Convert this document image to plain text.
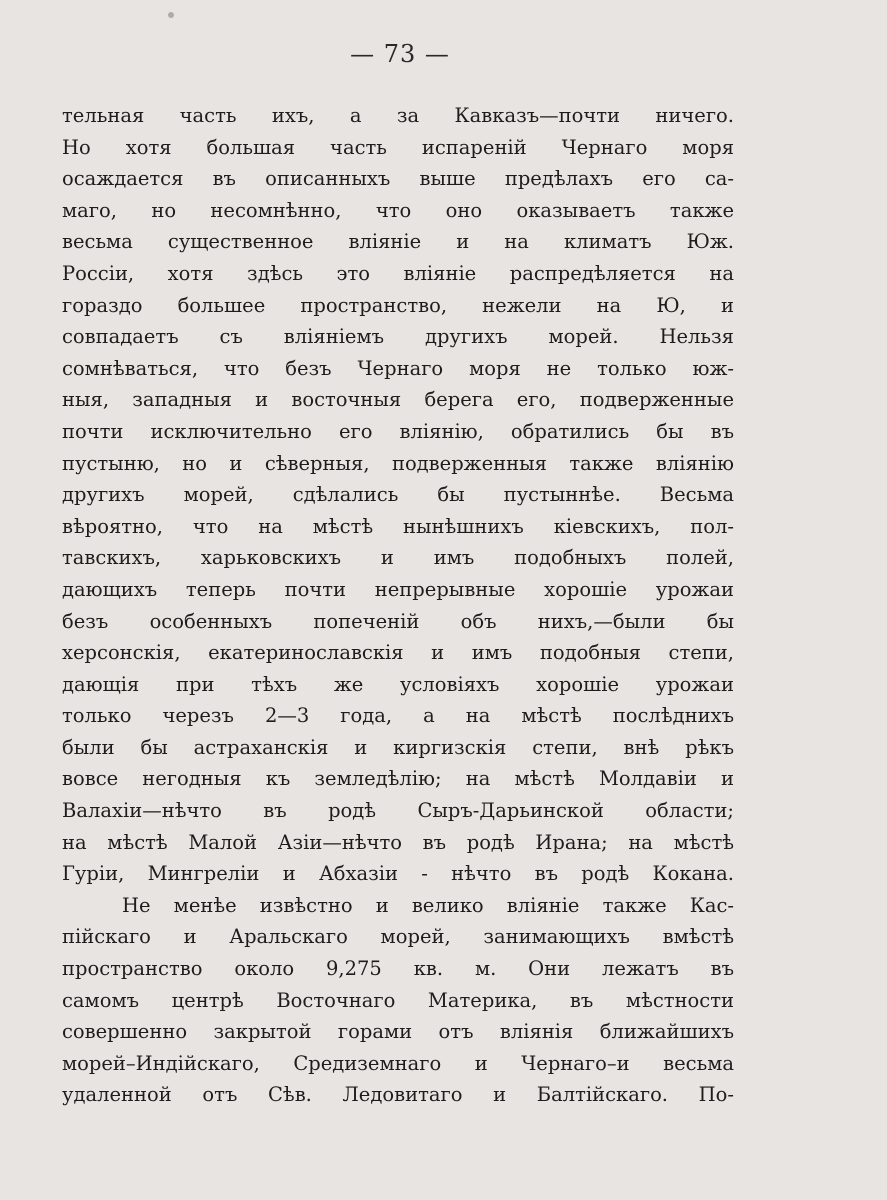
— 73 —
тельная часть ихъ, а за Кавказъ—почти ничего.
Но хотя большая часть испареній Чернаго моря
осаждается въ описанныхъ выше предѣлахъ его са-
маго, но несомнѣнно, что оно оказываетъ также
весьма существенное вліяніе и на климатъ Юж.
Россіи, хотя здѣсь это вліяніе распредѣляется на
гораздо большее пространство, нежели на Ю, и
совпадаетъ съ вліяніемъ другихъ морей. Нельзя
сомнѣваться, что безъ Чернаго моря не только юж-
ныя, западныя и восточныя берега его, подверженные
почти исключительно его вліянію, обратились бы въ
пустыню, но и сѣверныя, подверженныя также вліянію
другихъ морей, сдѣлались бы пустыннѣе. Весьма
вѣроятно, что на мѣстѣ нынѣшнихъ кіевскихъ, пол-
тавскихъ, харьковскихъ и имъ подобныхъ полей,
дающихъ теперь почти непрерывные хорошіе урожаи
безъ особенныхъ попеченій объ нихъ,—были бы
херсонскія, екатеринославскія и имъ подобныя степи,
дающія при тѣхъ же условіяхъ хорошіе урожаи
только черезъ 2—3 года, а на мѣстѣ послѣднихъ
были бы астраханскія и киргизскія степи, внѣ рѣкъ
вовсе негодныя къ земледѣлію; на мѣстѣ Молдавіи и
Валахіи—нѣчто въ родѣ Сыръ-Дарьинской области;
на мѣстѣ Малой Азіи—нѣчто въ родѣ Ирана; на мѣстѣ
Гуріи, Мингреліи и Абхазіи - нѣчто въ родѣ Кокана.
Не менѣе извѣстно и велико вліяніе также Кас-
пійскаго и Аральскаго морей, занимающихъ вмѣстѣ
пространство около 9,275 кв. м. Они лежатъ въ
самомъ центрѣ Восточнаго Материка, въ мѣстности
совершенно закрытой горами отъ вліянія ближайшихъ
морей–Индійскаго, Средиземнаго и Чернаго–и весьма
удаленной отъ Сѣв. Ледовитаго и Балтійскаго. По-
